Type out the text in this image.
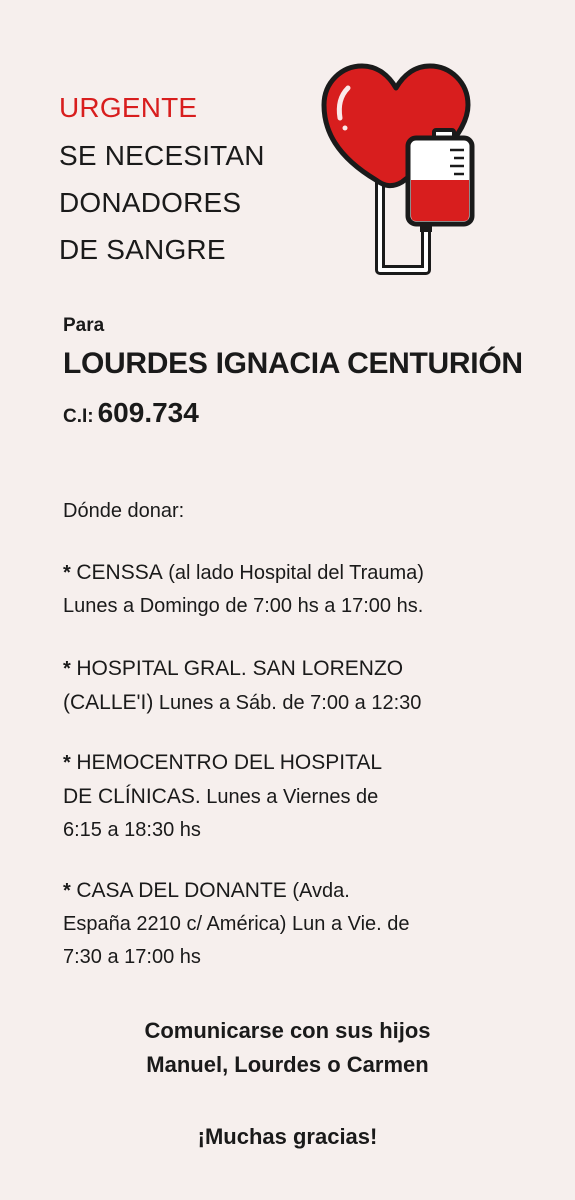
URGENTE
SE NECESITAN
DONADORES
DE SANGRE
Para
LOURDES IGNACIA CENTURIÓN
C.I: 609.734
Dónde donar:
* CENSSA (al lado Hospital del Trauma)
Lunes a Domingo de 7:00 hs a 17:00 hs.
* HOSPITAL GRAL. SAN LORENZO
(CALLE'I) Lunes a Sáb. de 7:00 a 12:30
* HEMOCENTRO DEL HOSPITAL
DE CLÍNICAS. Lunes a Viernes de
6:15 a 18:30 hs
* CASA DEL DONANTE (Avda.
España 2210 c/ América) Lun a Vie. de
7:30 a 17:00 hs
Comunicarse con sus hijos
Manuel, Lourdes o Carmen
¡Muchas gracias!
